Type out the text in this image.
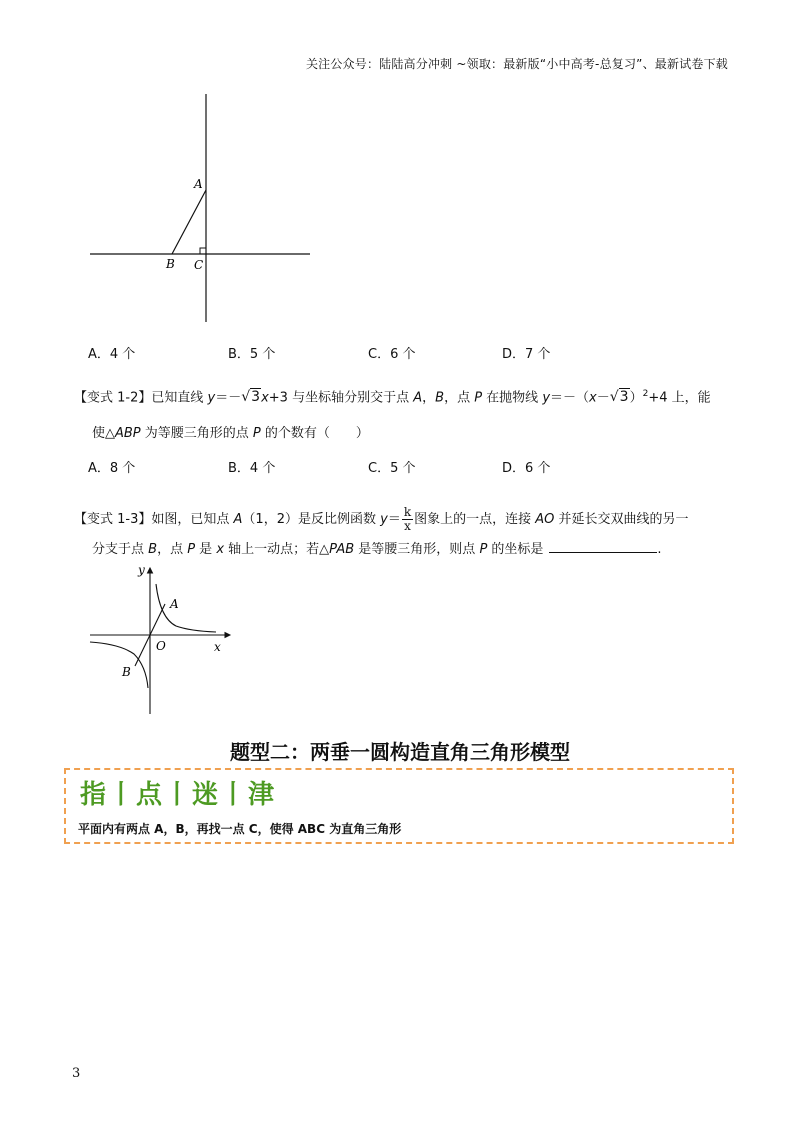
关注公众号：陆陆高分冲刺 ~领取：最新版“小中高考-总复习”、最新试卷下载
A
B C
A．4 个	B．5 个	C．6 个	D．7 个
【变式 1-2】已知直线 y＝－√3x+3 与坐标轴分别交于点 A，B，点 P 在抛物线 $y=-(x-√3)^2+4$ 上，能
使△ABP 为等腰三角形的点 P 的个数有（　　）
A．8 个	B．4 个	C．5 个	D．6 个
【变式 1-3】如图，已知点 A（1，2）是反比例函数 $y= \frac{k}{x}$ 图象上的一点，连接 AO 并延长交双曲线的另一
分支于点 B，点 P 是 x 轴上一动点；若△PAB 是等腰三角形，则点 P 的坐标是	.
y
x
O
A
B
题型二：两垂一圆构造直角三角形模型
指丨点丨迷丨津
平面内有两点 A，B，再找一点 C，使得 ABC 为直角三角形
3
